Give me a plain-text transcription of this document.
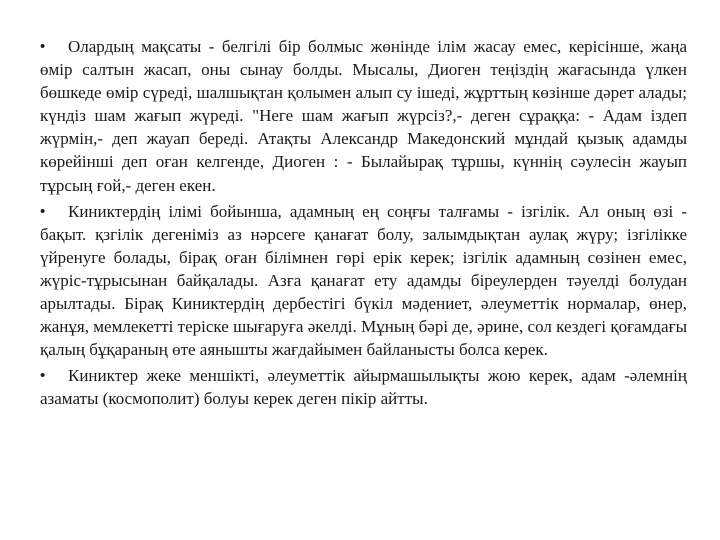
• Олардың мақсаты - белгілі бір болмыс жөнінде ілім жасау емес, керісінше, жаңа өмір салтын жасап, оны сынау болды. Мысалы, Диоген теңіздің жағасында үлкен бөшкеде өмір сүреді, шалшықтан қолымен алып су ішеді, жұрттың көзінше дәрет алады; күндіз шам жағып жүреді. "Неге шам жағып жүрсіз?,- деген сұраққа: - Адам іздеп жүрмін,- деп жауап береді. Атақты Александр Македонский мұндай қызық адамды көрейінші деп оған келгенде, Диоген : - Былайырақ тұршы, күннің сәулесін жауып тұрсың ғой,- деген екен.

• Киниктердің ілімі бойынша, адамның ең соңғы талғамы - ізгілік. Ал оның өзі - бақыт. қзгілік дегеніміз аз нәрсеге қанағат болу, залымдықтан аулақ жүру; ізгілікке үйренуге болады, бірақ оған білімнен гөрі ерік керек; ізгілік адамның сөзінен емес, жүріс-тұрысынан байқалады. Азға қанағат ету адамды біреулерден тәуелді болудан арылтады. Бірақ Киниктердің дербестігі бүкіл мәдениет, әлеуметтік нормалар, өнер, жанұя, мемлекетті теріске шығаруға әкелді. Мұның бәрі де, әрине, сол кездегі қоғамдағы қалың бұқараның өте аянышты жағдайымен байланысты болса керек.

• Киниктер жеке меншікті, әлеуметтік айырмашылықты жою керек, адам -әлемнің азаматы (космополит) болуы керек деген пікір айтты.
